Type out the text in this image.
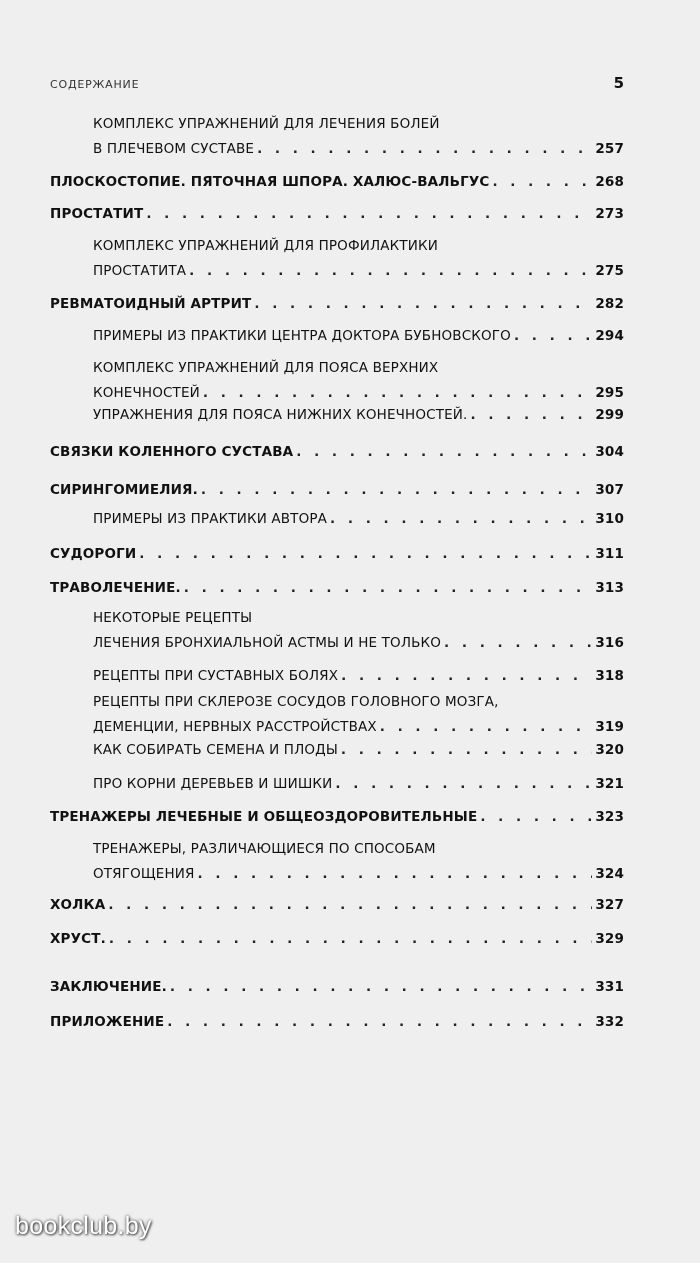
СОДЕРЖАНИЕ	5
КОМПЛЕКС УПРАЖНЕНИЙ ДЛЯ ЛЕЧЕНИЯ БОЛЕЙ
В ПЛЕЧЕВОМ СУСТАВЕ . . .	257
ПЛОСКОСТОПИЕ. ПЯТОЧНАЯ ШПОРА. ХАЛЮС-ВАЛЬГУС . . .	268
ПРОСТАТИТ . . .	273
КОМПЛЕКС УПРАЖНЕНИЙ ДЛЯ ПРОФИЛАКТИКИ
ПРОСТАТИТА . . .	275
РЕВМАТОИДНЫЙ АРТРИТ . . .	282
ПРИМЕРЫ ИЗ ПРАКТИКИ ЦЕНТРА ДОКТОРА БУБНОВСКОГО . . .	294
КОМПЛЕКС УПРАЖНЕНИЙ ДЛЯ ПОЯСА ВЕРХНИХ
КОНЕЧНОСТЕЙ . . .	295
УПРАЖНЕНИЯ ДЛЯ ПОЯСА НИЖНИХ КОНЕЧНОСТЕЙ. . . .	299
СВЯЗКИ КОЛЕННОГО СУСТАВА . . .	304
СИРИНГОМИЕЛИЯ. . . .	307
ПРИМЕРЫ ИЗ ПРАКТИКИ АВТОРА . . .	310
СУДОРОГИ . . .	311
ТРАВОЛЕЧЕНИЕ. . . .	313
НЕКОТОРЫЕ РЕЦЕПТЫ
ЛЕЧЕНИЯ БРОНХИАЛЬНОЙ АСТМЫ И НЕ ТОЛЬКО . . .	316
РЕЦЕПТЫ ПРИ СУСТАВНЫХ БОЛЯХ . . .	318
РЕЦЕПТЫ ПРИ СКЛЕРОЗЕ СОСУДОВ ГОЛОВНОГО МОЗГА,
ДЕМЕНЦИИ, НЕРВНЫХ РАССТРОЙСТВАХ . . .	319
КАК СОБИРАТЬ СЕМЕНА И ПЛОДЫ . . .	320
ПРО КОРНИ ДЕРЕВЬЕВ И ШИШКИ . . .	321
ТРЕНАЖЕРЫ ЛЕЧЕБНЫЕ И ОБЩЕОЗДОРОВИТЕЛЬНЫЕ . . .	323
ТРЕНАЖЕРЫ, РАЗЛИЧАЮЩИЕСЯ ПО СПОСОБАМ
ОТЯГОЩЕНИЯ . . .	324
ХОЛКА . . .	327
ХРУСТ. . . .	329
ЗАКЛЮЧЕНИЕ. . . .	331
ПРИЛОЖЕНИЕ . . .	332
bookclub.by
